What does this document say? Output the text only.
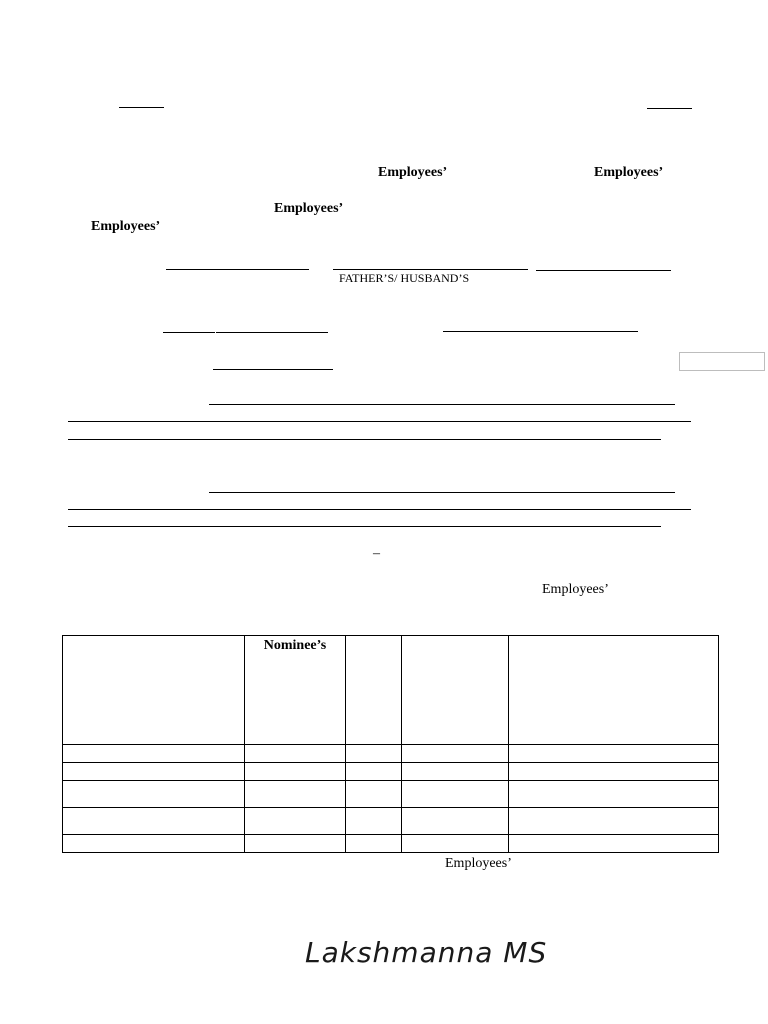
Employees’	Employees’
Employees’
Employees’
FATHER’S/ HUSBAND’S
–
Employees’
	Nominee’s			

Employees’
Lakshmanna MS
